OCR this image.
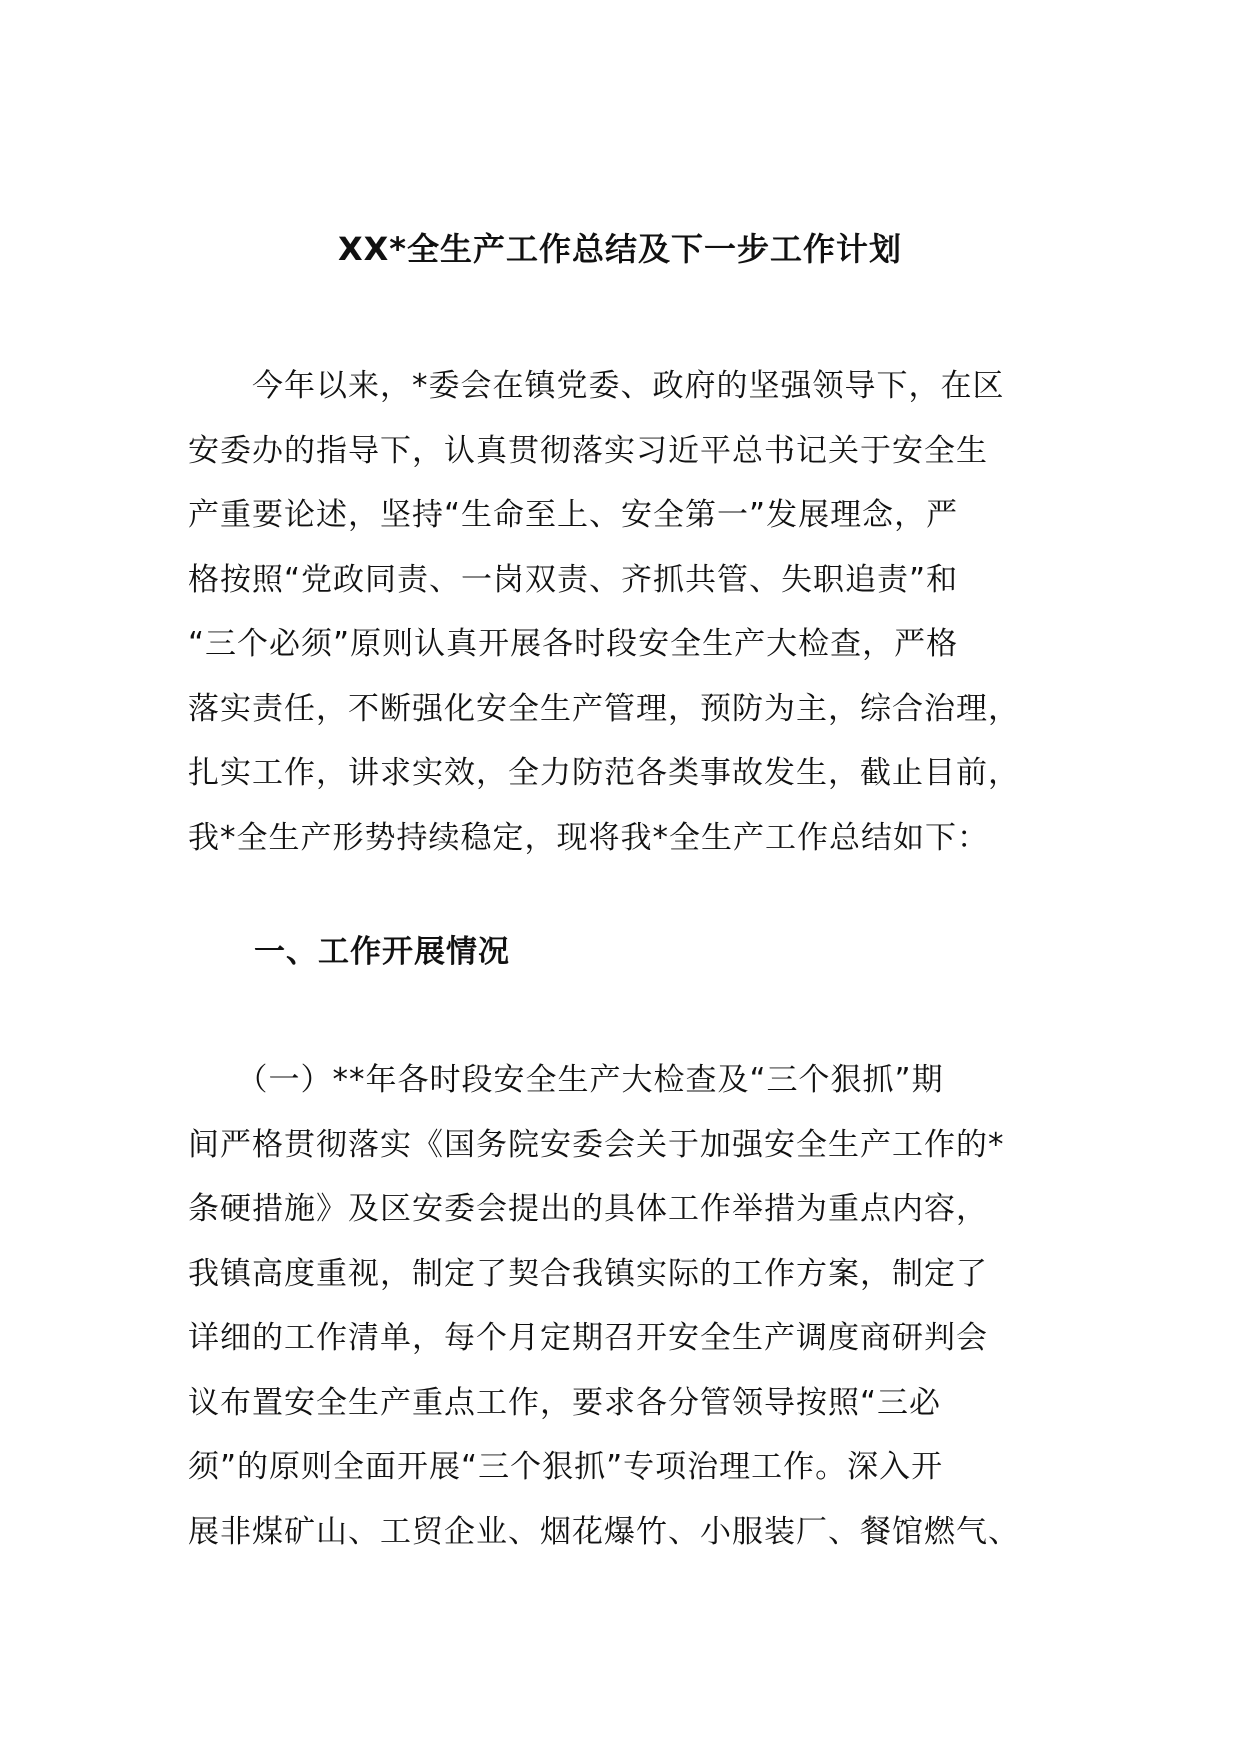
XX*全生产工作总结及下一步工作计划
　　今年以来，*委会在镇党委、政府的坚强领导下，在区
安委办的指导下，认真贯彻落实习近平总书记关于安全生
产重要论述，坚持“生命至上、安全第一”发展理念，严
格按照“党政同责、一岗双责、齐抓共管、失职追责”和
“三个必须”原则认真开展各时段安全生产大检查，严格
落实责任，不断强化安全生产管理，预防为主，综合治理，
扎实工作，讲求实效，全力防范各类事故发生，截止目前，
我*全生产形势持续稳定，现将我*全生产工作总结如下：
一、工作开展情况
　　（一）**年各时段安全生产大检查及“三个狠抓”期
间严格贯彻落实《国务院安委会关于加强安全生产工作的*
条硬措施》及区安委会提出的具体工作举措为重点内容，
我镇高度重视，制定了契合我镇实际的工作方案，制定了
详细的工作清单，每个月定期召开安全生产调度商研判会
议布置安全生产重点工作，要求各分管领导按照“三必
须”的原则全面开展“三个狠抓”专项治理工作。深入开
展非煤矿山、工贸企业、烟花爆竹、小服装厂、餐馆燃气、
